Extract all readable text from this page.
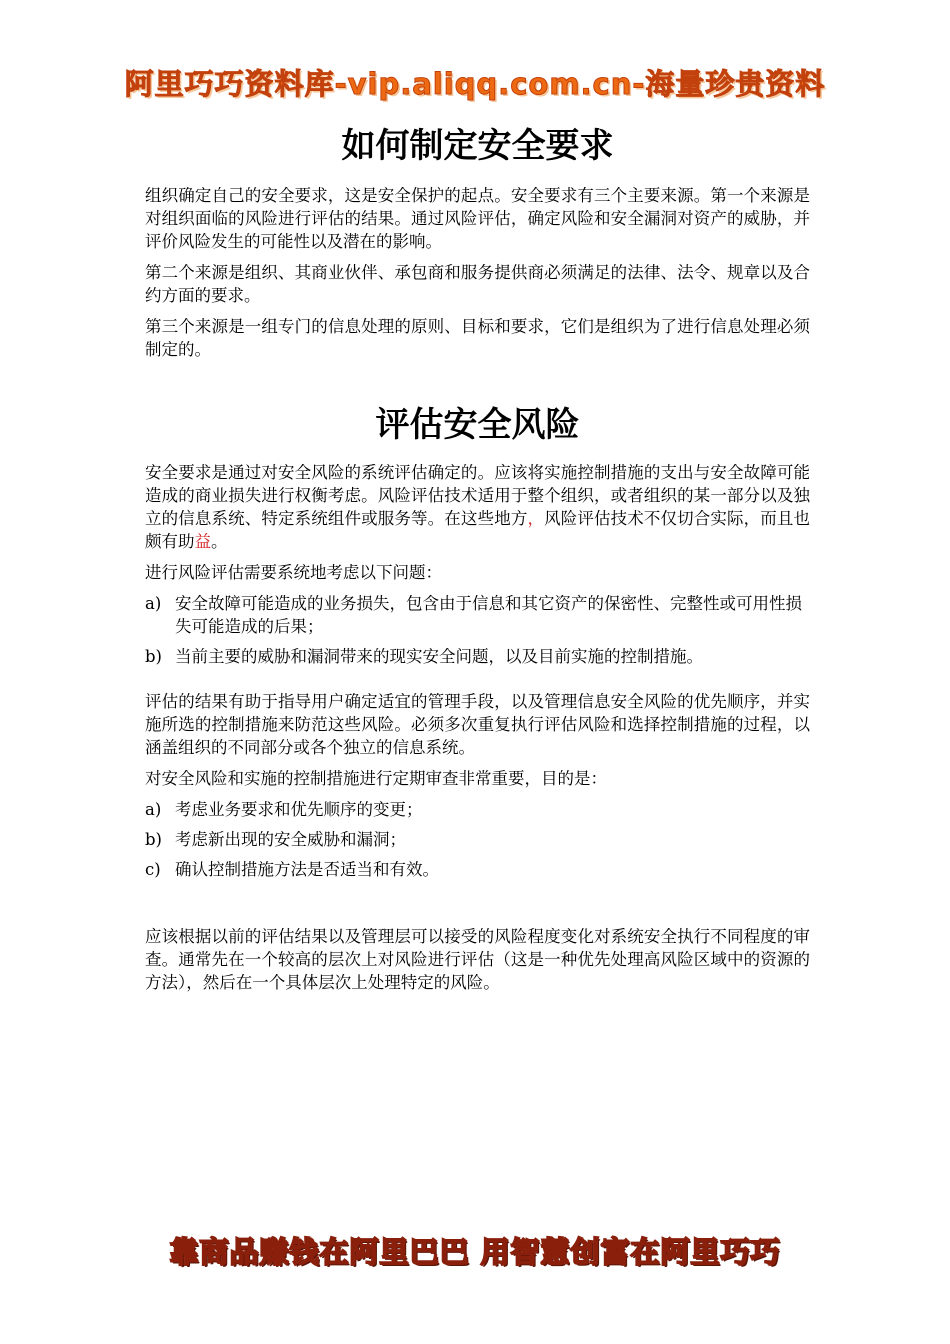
阿里巧巧资料库-vip.aliqq.com.cn-海量珍贵资料
如何制定安全要求

组织确定自己的安全要求，这是安全保护的起点。安全要求有三个主要来源。第一个来源是对组织面临的风险进行评估的结果。通过风险评估，确定风险和安全漏洞对资产的威胁，并评价风险发生的可能性以及潜在的影响。

第二个来源是组织、其商业伙伴、承包商和服务提供商必须满足的法律、法令、规章以及合约方面的要求。

第三个来源是一组专门的信息处理的原则、目标和要求，它们是组织为了进行信息处理必须制定的。

评估安全风险

安全要求是通过对安全风险的系统评估确定的。应该将实施控制措施的支出与安全故障可能造成的商业损失进行权衡考虑。风险评估技术适用于整个组织，或者组织的某一部分以及独立的信息系统、特定系统组件或服务等。在这些地方，风险评估技术不仅切合实际，而且也颇有助益。

进行风险评估需要系统地考虑以下问题：

a) 安全故障可能造成的业务损失，包含由于信息和其它资产的保密性、完整性或可用性损失可能造成的后果；
b) 当前主要的威胁和漏洞带来的现实安全问题，以及目前实施的控制措施。

评估的结果有助于指导用户确定适宜的管理手段，以及管理信息安全风险的优先顺序，并实施所选的控制措施来防范这些风险。必须多次重复执行评估风险和选择控制措施的过程，以涵盖组织的不同部分或各个独立的信息系统。

对安全风险和实施的控制措施进行定期审查非常重要，目的是：

a) 考虑业务要求和优先顺序的变更；
b) 考虑新出现的安全威胁和漏洞；
c) 确认控制措施方法是否适当和有效。

应该根据以前的评估结果以及管理层可以接受的风险程度变化对系统安全执行不同程度的审查。通常先在一个较高的层次上对风险进行评估（这是一种优先处理高风险区域中的资源的方法），然后在一个具体层次上处理特定的风险。

靠商品赚钱在阿里巴巴 用智慧创富在阿里巧巧
